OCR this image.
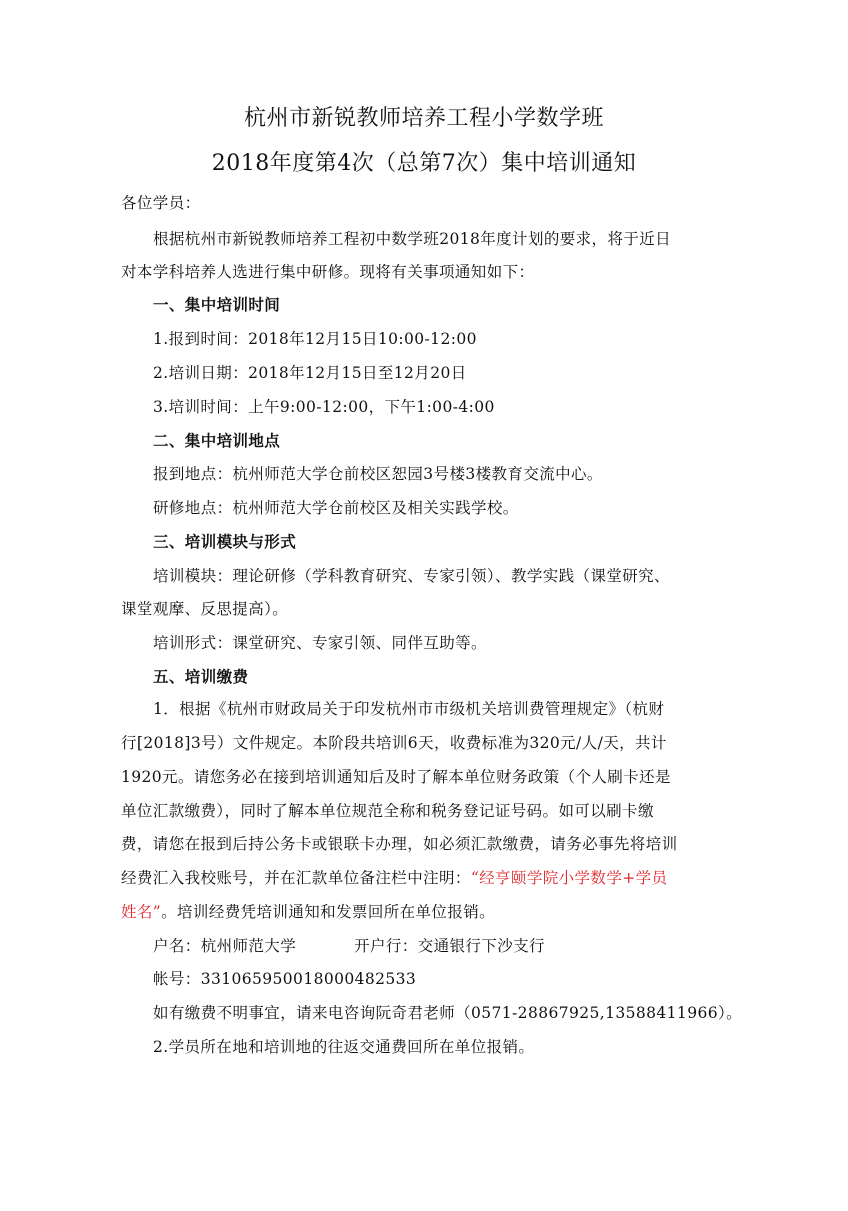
杭州市新锐教师培养工程小学数学班
2018年度第4次（总第7次）集中培训通知
各位学员：
根据杭州市新锐教师培养工程初中数学班2018年度计划的要求，将于近日
对本学科培养人选进行集中研修。现将有关事项通知如下：
一、集中培训时间
1.报到时间：2018年12月15日10:00-12:00
2.培训日期：2018年12月15日至12月20日
3.培训时间：上午9:00-12:00，下午1:00-4:00
二、集中培训地点
报到地点：杭州师范大学仓前校区恕园3号楼3楼教育交流中心。
研修地点：杭州师范大学仓前校区及相关实践学校。
三、培训模块与形式
培训模块：理论研修（学科教育研究、专家引领）、教学实践（课堂研究、
课堂观摩、反思提高）。
培训形式：课堂研究、专家引领、同伴互助等。
五、培训缴费
1．根据《杭州市财政局关于印发杭州市市级机关培训费管理规定》（杭财
行[2018]3号）文件规定。本阶段共培训6天，收费标准为320元/人/天，共计
1920元。请您务必在接到培训通知后及时了解本单位财务政策（个人刷卡还是
单位汇款缴费），同时了解本单位规范全称和税务登记证号码。如可以刷卡缴
费，请您在报到后持公务卡或银联卡办理，如必须汇款缴费，请务必事先将培训
经费汇入我校账号，并在汇款单位备注栏中注明：“经亨颐学院小学数学+学员
姓名”。培训经费凭培训通知和发票回所在单位报销。
户名：杭州师范大学	开户行：交通银行下沙支行
帐号：331065950018000482533
如有缴费不明事宜，请来电咨询阮奇君老师（0571-28867925,13588411966）。
2.学员所在地和培训地的往返交通费回所在单位报销。
